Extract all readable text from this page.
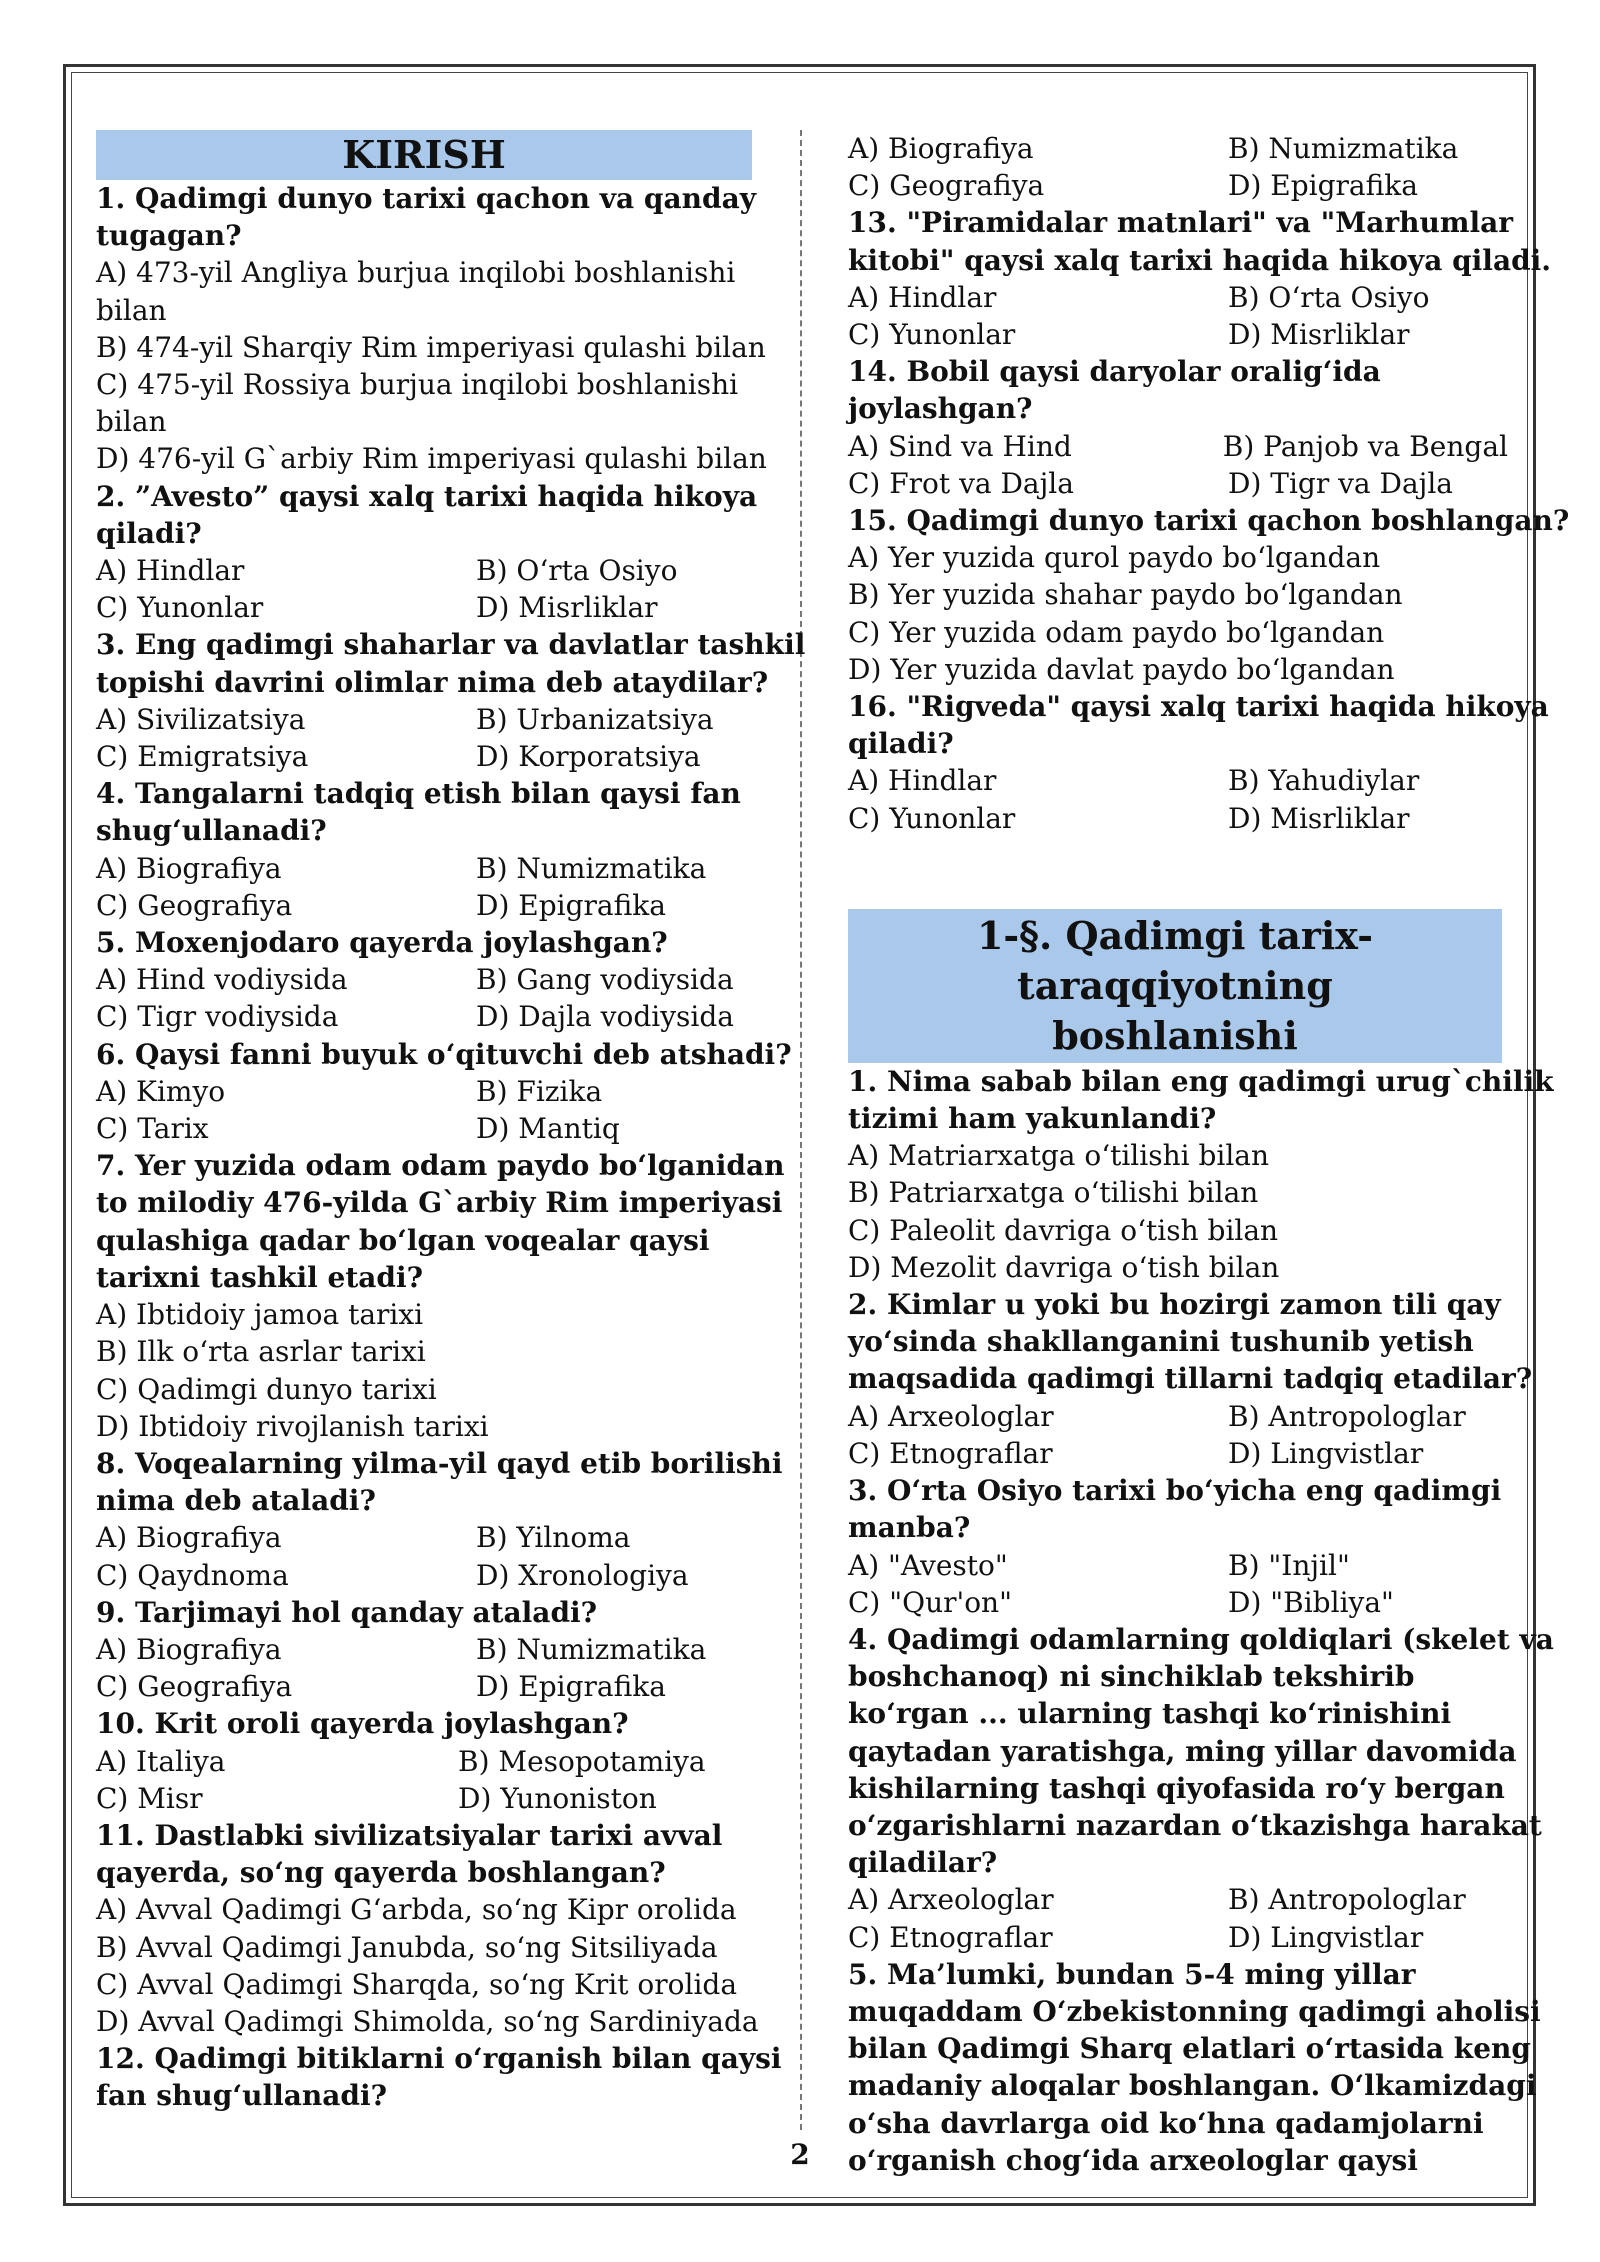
KIRISH
1. Qadimgi dunyo tarixi qachon va qanday
tugagan?
A) 473-yil Angliya burjua inqilobi boshlanishi
bilan
B) 474-yil Sharqiy Rim imperiyasi qulashi bilan
C) 475-yil Rossiya burjua inqilobi boshlanishi
bilan
D) 476-yil G`arbiy Rim imperiyasi qulashi bilan
2. ”Avesto” qaysi xalq tarixi haqida hikoya
qiladi?
A) Hindlar	B) O‘rta Osiyo
C) Yunonlar	D) Misrliklar
3. Eng qadimgi shaharlar va davlatlar tashkil
topishi davrini olimlar nima deb ataydilar?
A) Sivilizatsiya	B) Urbanizatsiya
C) Emigratsiya	D) Korporatsiya
4. Tangalarni tadqiq etish bilan qaysi fan
shug‘ullanadi?
A) Biografiya	B) Numizmatika
C) Geografiya	D) Epigrafika
5. Moxenjodaro qayerda joylashgan?
A) Hind vodiysida	B) Gang vodiysida
C) Tigr vodiysida	D) Dajla vodiysida
6. Qaysi fanni buyuk o‘qituvchi deb atshadi?
A) Kimyo	B) Fizika
C) Tarix	D) Mantiq
7. Yer yuzida odam odam paydo bo‘lganidan
to milodiy 476-yilda G`arbiy Rim imperiyasi
qulashiga qadar bo‘lgan voqealar qaysi
tarixni tashkil etadi?
A) Ibtidoiy jamoa tarixi
B) Ilk o‘rta asrlar tarixi
C) Qadimgi dunyo tarixi
D) Ibtidoiy rivojlanish tarixi
8. Voqealarning yilma-yil qayd etib borilishi
nima deb ataladi?
A) Biografiya	B) Yilnoma
C) Qaydnoma	D) Xronologiya
9. Tarjimayi hol qanday ataladi?
A) Biografiya	B) Numizmatika
C) Geografiya	D) Epigrafika
10. Krit oroli qayerda joylashgan?
A) Italiya	B) Mesopotamiya
C) Misr	D) Yunoniston
11. Dastlabki sivilizatsiyalar tarixi avval
qayerda, so‘ng qayerda boshlangan?
A) Avval Qadimgi G‘arbda, so‘ng Kipr orolida
B) Avval Qadimgi Janubda, so‘ng Sitsiliyada
C) Avval Qadimgi Sharqda, so‘ng Krit orolida
D) Avval Qadimgi Shimolda, so‘ng Sardiniyada
12. Qadimgi bitiklarni o‘rganish bilan qaysi
fan shug‘ullanadi?
A) Biografiya	B) Numizmatika
C) Geografiya	D) Epigrafika
13. "Piramidalar matnlari" va "Marhumlar
kitobi" qaysi xalq tarixi haqida hikoya qiladi.
A) Hindlar	B) O‘rta Osiyo
C) Yunonlar	D) Misrliklar
14. Bobil qaysi daryolar oralig‘ida
joylashgan?
A) Sind va Hind	B) Panjob va Bengal
C) Frot va Dajla	D) Tigr va Dajla
15. Qadimgi dunyo tarixi qachon boshlangan?
A) Yer yuzida qurol paydo bo‘lgandan
B) Yer yuzida shahar paydo bo‘lgandan
C) Yer yuzida odam paydo bo‘lgandan
D) Yer yuzida davlat paydo bo‘lgandan
16. "Rigveda" qaysi xalq tarixi haqida hikoya
qiladi?
A) Hindlar	B) Yahudiylar
C) Yunonlar	D) Misrliklar
1-§. Qadimgi tarix-taraqqiyotning
boshlanishi
1. Nima sabab bilan eng qadimgi urug`chilik
tizimi ham yakunlandi?
A) Matriarxatga o‘tilishi bilan
B) Patriarxatga o‘tilishi bilan
C) Paleolit davriga o‘tish bilan
D) Mezolit davriga o‘tish bilan
2. Kimlar u yoki bu hozirgi zamon tili qay
yo‘sinda shakllanganini tushunib yetish
maqsadida qadimgi tillarni tadqiq etadilar?
A) Arxeologlar	B) Antropologlar
C) Etnograflar	D) Lingvistlar
3. O‘rta Osiyo tarixi bo‘yicha eng qadimgi
manba?
A) "Avesto"	B) "Injil"
C) "Qur'on"	D) "Bibliya"
4. Qadimgi odamlarning qoldiqlari (skelet va
boshchanoq) ni sinchiklab tekshirib
ko‘rgan ... ularning tashqi ko‘rinishini
qaytadan yaratishga, ming yillar davomida
kishilarning tashqi qiyofasida ro‘y bergan
o‘zgarishlarni nazardan o‘tkazishga harakat
qiladilar?
A) Arxeologlar	B) Antropologlar
C) Etnograflar	D) Lingvistlar
5. Ma’lumki, bundan 5-4 ming yillar
muqaddam O‘zbekistonning qadimgi aholisi
bilan Qadimgi Sharq elatlari o‘rtasida keng
madaniy aloqalar boshlangan. O‘lkamizdagi
o‘sha davrlarga oid ko‘hna qadamjolarni
o‘rganish chog‘ida arxeologlar qaysi
2
